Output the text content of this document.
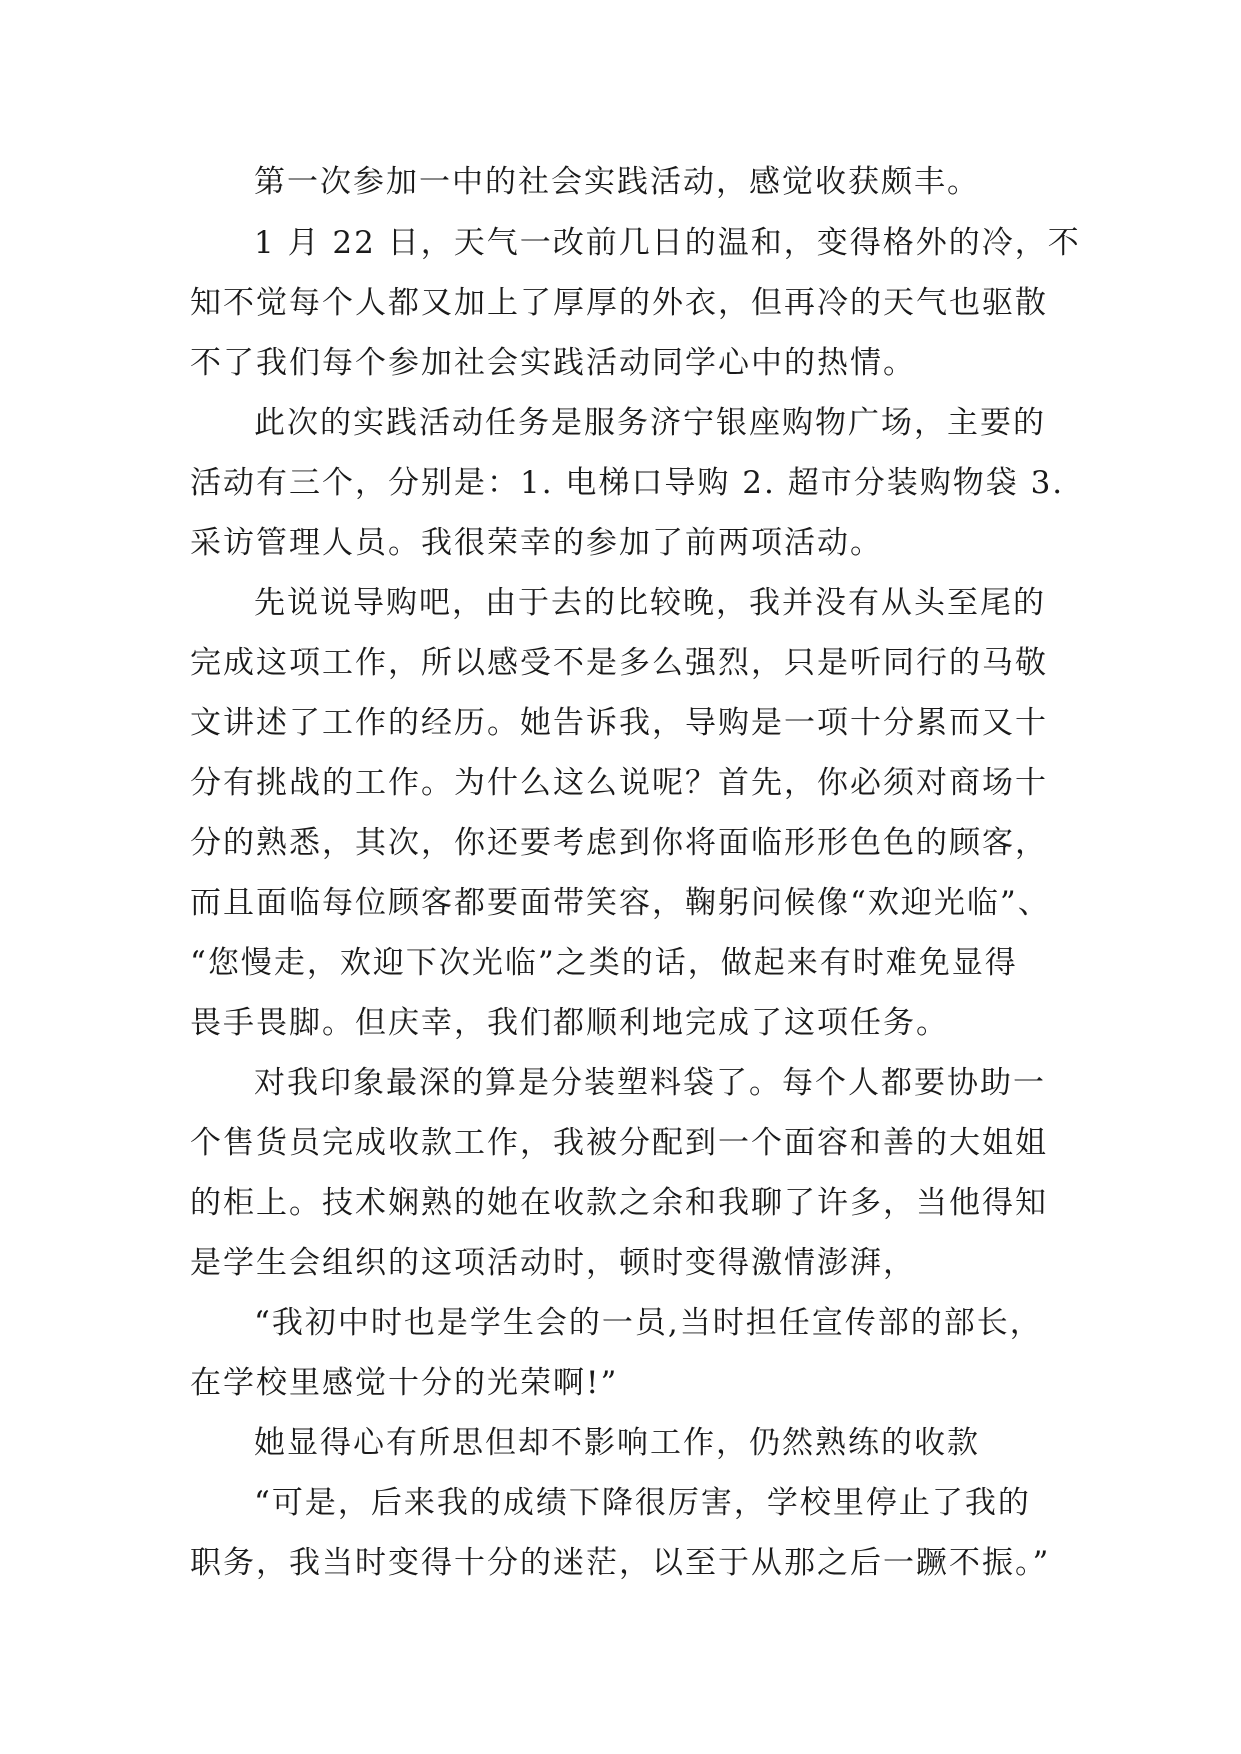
第一次参加一中的社会实践活动，感觉收获颇丰。
1 月 22 日，天气一改前几日的温和，变得格外的冷，不
知不觉每个人都又加上了厚厚的外衣，但再冷的天气也驱散
不了我们每个参加社会实践活动同学心中的热情。
此次的实践活动任务是服务济宁银座购物广场，主要的
活动有三个，分别是：1. 电梯口导购 2. 超市分装购物袋 3.
采访管理人员。我很荣幸的参加了前两项活动。
先说说导购吧，由于去的比较晚，我并没有从头至尾的
完成这项工作，所以感受不是多么强烈，只是听同行的马敬
文讲述了工作的经历。她告诉我，导购是一项十分累而又十
分有挑战的工作。为什么这么说呢？首先，你必须对商场十
分的熟悉，其次，你还要考虑到你将面临形形色色的顾客，
而且面临每位顾客都要面带笑容，鞠躬问候像“欢迎光临”、
“您慢走，欢迎下次光临”之类的话，做起来有时难免显得
畏手畏脚。但庆幸，我们都顺利地完成了这项任务。
对我印象最深的算是分装塑料袋了。每个人都要协助一
个售货员完成收款工作，我被分配到一个面容和善的大姐姐
的柜上。技术娴熟的她在收款之余和我聊了许多，当他得知
是学生会组织的这项活动时，顿时变得激情澎湃，
“我初中时也是学生会的一员,当时担任宣传部的部长，
在学校里感觉十分的光荣啊!”
她显得心有所思但却不影响工作，仍然熟练的收款
“可是，后来我的成绩下降很厉害，学校里停止了我的
职务，我当时变得十分的迷茫，以至于从那之后一蹶不振。”
